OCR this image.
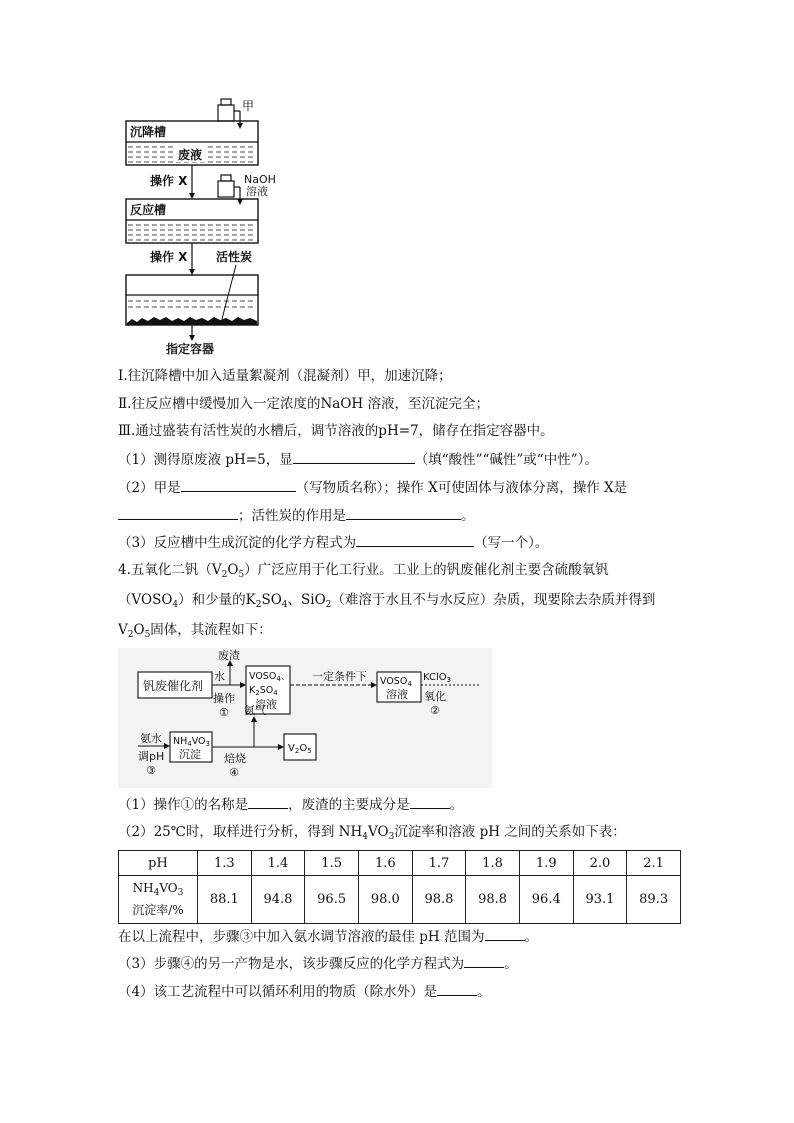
甲
沉降槽
废液
操作 X	NaOH
溶液
反应槽
操作 X 活性炭
指定容器
Ⅰ.往沉降槽中加入适量絮凝剂（混凝剂）甲，加速沉降；
Ⅱ.往反应槽中缓慢加入一定浓度的NaOH 溶液，至沉淀完全；
Ⅲ.通过盛装有活性炭的水槽后，调节溶液的pH=7，储存在指定容器中。
（1）测得原废液 pH=5，显	（填“酸性”“碱性”或“中性”）。
（2）甲是	（写物质名称）；操作 X可使固体与液体分离，操作 X是
；活性炭的作用是	。
（3）反应槽中生成沉淀的化学方程式为	（写一个）。
4.五氧化二钒$(V_2O_5)$广泛应用于化工行业。工业上的钒废催化剂主要含硫酸氧钒
$(VOSO_4)$和少量的$K_2SO_4$、SiO$_2$（难溶于水且不与水反应）杂质，现要除去杂质并得到
$V_2O_5$固体，其流程如下：
钒废催化剂
水
操作
①
废渣
$VOSO_4$、
$K_2SO_4$
溶液
一定条件下 $VOSO_4$
溶液
KClO$_3$
氧化
②
氨水
调pH
③
$NH_4VO_3$
沉淀
氨气
焙烧
④
$V_2O_5$
（1）操作①的名称是	，废渣的主要成分是	。
（2）25℃时，取样进行分析，得到 $NH_4VO_3$沉淀率和溶液 pH 之间的关系如下表：
pH	1.3	1.4	1.5	1.6	1.7	1.8	1.9	2.0	2.1
$NH_4VO_3$
沉淀率/%	88.1	94.8	96.5	98.0	98.8	98.8	96.4	93.1	89.3
在以上流程中，步骤③中加入氨水调节溶液的最佳 pH 范围为	。
（3）步骤④的另一产物是水，该步骤反应的化学方程式为	。
（4）该工艺流程中可以循环利用的物质（除水外）是	。
